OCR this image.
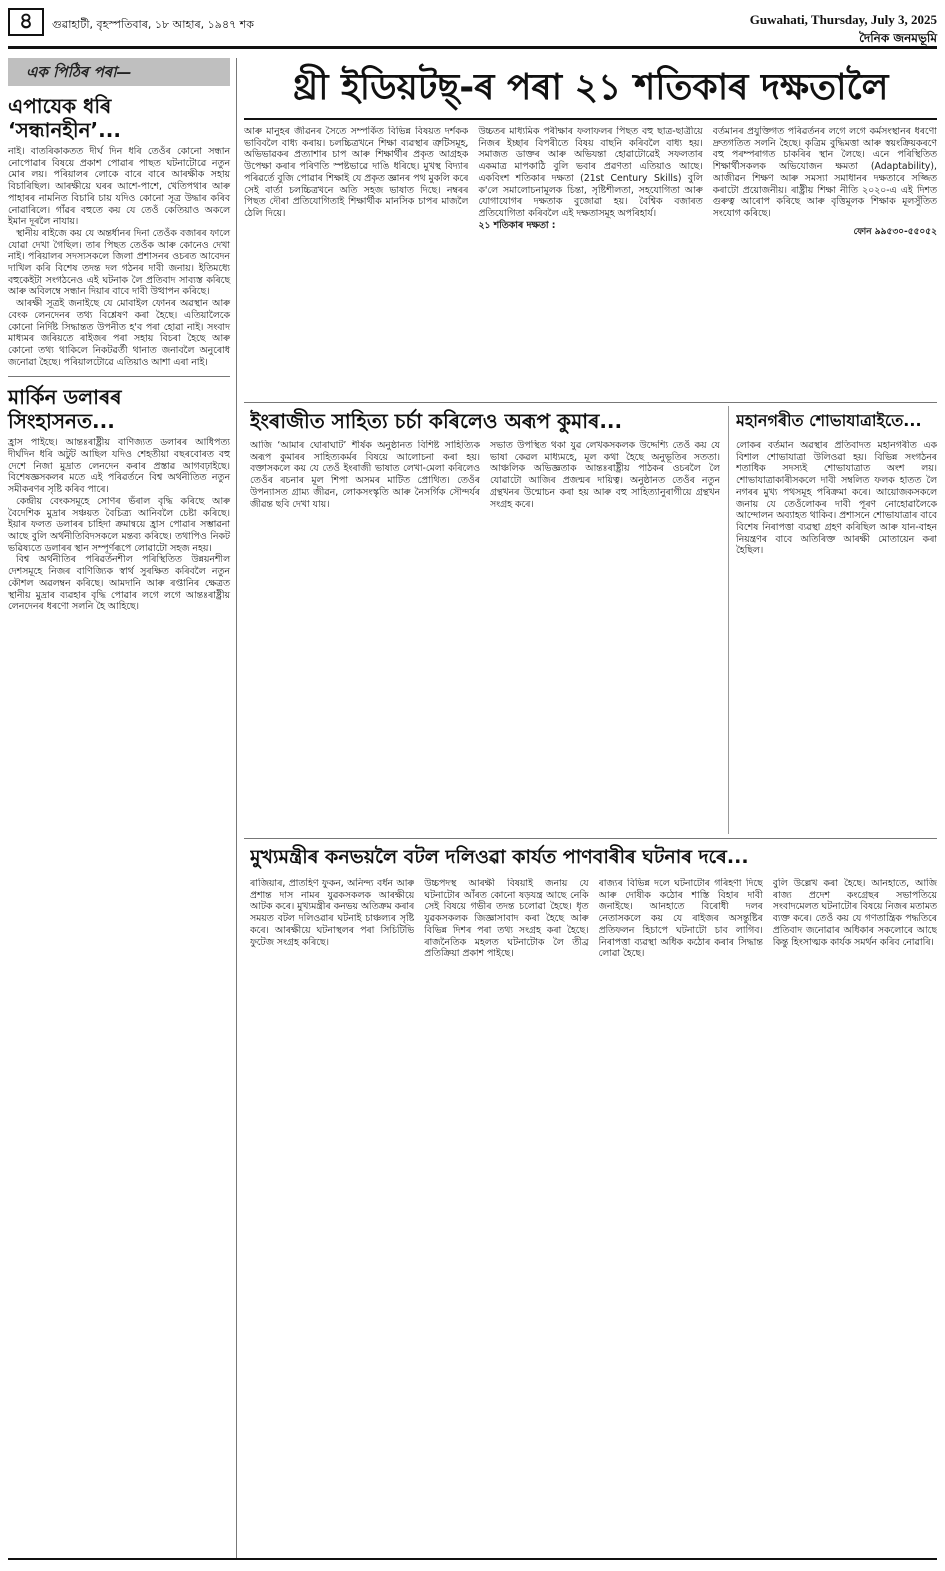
৪	গুৱাহাটী, বৃহস্পতিবাৰ, ১৮ আহাৰ, ১৯৪৭ শক	Guwahati, Thursday, July 3, 2025
দৈনিক জনমভূমি
এক পিঠিৰ পৰা—
এপাযেক ধৰি ‘সন্ধানহীন’...

নাই। বাতৰিকাকতত দীৰ্ঘ দিন ধৰি তেওঁৰ কোনো সন্ধান নোপোৱাৰ বিষয়ে প্ৰকাশ পোৱাৰ পাছত ঘটনাটোৱে নতুন মোৰ লয়। পৰিয়ালৰ লোকে বাৰে বাৰে আৰক্ষীক সহায় বিচাৰিছিল। আৰক্ষীয়ে ঘৰৰ আশে-পাশে, খেতিপথাৰ আৰু পাহাৰৰ নামনিত বিচাৰি চায় যদিও কোনো সূত্ৰ উদ্ধাৰ কৰিব নোৱাৰিলে। গাঁৱৰ বহুতে কয় যে তেওঁ কেতিয়াও অকলে ইমান দূৰলৈ নাযায়।

স্থানীয় ৰাইজে কয় যে অন্তৰ্ধানৰ দিনা তেওঁক বজাৰৰ ফালে যোৱা দেখা গৈছিল। তাৰ পিছত তেওঁক আৰু কোনেও দেখা নাই। পৰিয়ালৰ সদস্যসকলে জিলা প্ৰশাসনৰ ওচৰত আবেদন দাখিল কৰি বিশেষ তদন্ত দল গঠনৰ দাবী জনায়। ইতিমধ্যে বহুকেইটা সংগঠনেও এই ঘটনাক লৈ প্ৰতিবাদ সাব্যস্ত কৰিছে আৰু অবিলম্বে সন্ধান দিয়াৰ বাবে দাবী উত্থাপন কৰিছে।

আৰক্ষী সূত্ৰই জনাইছে যে মোবাইল ফোনৰ অৱস্থান আৰু বেংক লেনদেনৰ তথ্য বিশ্লেষণ কৰা হৈছে। এতিয়ালৈকে কোনো নিৰ্দিষ্ট সিদ্ধান্তত উপনীত হ'ব পৰা হোৱা নাই। সংবাদ মাধ্যমৰ জৰিয়তে ৰাইজৰ পৰা সহায় বিচৰা হৈছে আৰু কোনো তথ্য থাকিলে নিকটৱৰ্তী থানাত জনাবলৈ অনুৰোধ জনোৱা হৈছে। পৰিয়ালটোৱে এতিয়াও আশা এৰা নাই।

মাৰ্কিন ডলাৰৰ সিংহাসনত...

হ্ৰাস পাইছে। আন্তঃৰাষ্ট্ৰীয় বাণিজ্যত ডলাৰৰ আধিপত্য দীৰ্ঘদিন ধৰি অটুট আছিল যদিও শেহতীয়া বছৰবোৰত বহু দেশে নিজা মুদ্ৰাত লেনদেন কৰাৰ প্ৰস্তাৱ আগবঢ়াইছে। বিশেষজ্ঞসকলৰ মতে এই পৰিৱৰ্তনে বিশ্ব অৰ্থনীতিত নতুন সমীকৰণৰ সৃষ্টি কৰিব পাৰে।

কেন্দ্ৰীয় বেংকসমূহে সোণৰ ভঁৰাল বৃদ্ধি কৰিছে আৰু বৈদেশিক মুদ্ৰাৰ সঞ্চয়ত বৈচিত্ৰ্য আনিবলৈ চেষ্টা কৰিছে। ইয়াৰ ফলত ডলাৰৰ চাহিদা ক্ৰমান্বয়ে হ্ৰাস পোৱাৰ সম্ভাৱনা আছে বুলি অৰ্থনীতিবিদসকলে মন্তব্য কৰিছে। তথাপিও নিকট ভৱিষ্যতে ডলাৰৰ স্থান সম্পূৰ্ণৰূপে লোৱাটো সহজ নহয়।

বিশ্ব অৰ্থনীতিৰ পৰিৱৰ্তনশীল পৰিস্থিতিত উন্নয়নশীল দেশসমূহে নিজৰ বাণিজ্যিক স্বাৰ্থ সুৰক্ষিত কৰিবলৈ নতুন কৌশল অৱলম্বন কৰিছে। আমদানি আৰু ৰপ্তানিৰ ক্ষেত্ৰত স্থানীয় মুদ্ৰাৰ ব্যৱহাৰ বৃদ্ধি পোৱাৰ লগে লগে আন্তঃৰাষ্ট্ৰীয় লেনদেনৰ ধৰণো সলনি হৈ আহিছে।

থ্ৰী ইডিয়টছ্‌-ৰ পৰা ২১ শতিকাৰ দক্ষতালৈ
আৰু মানুহৰ জীৱনৰ সৈতে সম্পৰ্কিত বিভিন্ন বিষয়ত দৰ্শকক ভাবিবলৈ বাধ্য কৰায়। চলচ্চিত্ৰখনে শিক্ষা ব্যৱস্থাৰ ত্ৰুটিসমূহ, অভিভাৱকৰ প্ৰত্যাশাৰ চাপ আৰু শিক্ষাৰ্থীৰ প্ৰকৃত আগ্ৰহক উপেক্ষা কৰাৰ পৰিণতি স্পষ্টভাৱে দাঙি ধৰিছে। মুখস্থ বিদ্যাৰ পৰিৱৰ্তে বুজি পোৱাৰ শিক্ষাই যে প্ৰকৃত জ্ঞানৰ পথ মুকলি কৰে সেই বাৰ্তা চলচ্চিত্ৰখনে অতি সহজ ভাষাত দিছে। নম্বৰৰ পিছত দৌৰা প্ৰতিযোগিতাই শিক্ষাৰ্থীক মানসিক চাপৰ মাজলৈ ঠেলি দিয়ে।
উচ্চতৰ মাধ্যমিক পৰীক্ষাৰ ফলাফলৰ পিছত বহু ছাত্ৰ-ছাত্ৰীয়ে নিজৰ ইচ্ছাৰ বিপৰীতে বিষয় বাছনি কৰিবলৈ বাধ্য হয়। সমাজত ডাক্তৰ আৰু অভিযন্তা হোৱাটোৱেই সফলতাৰ একমাত্ৰ মাপকাঠি বুলি ভবাৰ প্ৰৱণতা এতিয়াও আছে। একবিংশ শতিকাৰ দক্ষতা (21st Century Skills) বুলি ক'লে সমালোচনামূলক চিন্তা, সৃষ্টিশীলতা, সহযোগিতা আৰু যোগাযোগৰ দক্ষতাক বুজোৱা হয়। বৈশ্বিক বজাৰত প্ৰতিযোগিতা কৰিবলৈ এই দক্ষতাসমূহ অপৰিহাৰ্য।
২১ শতিকাৰ দক্ষতা :
বৰ্তমানৰ প্ৰযুক্তিগত পৰিৱৰ্তনৰ লগে লগে কৰ্মসংস্থানৰ ধৰণো দ্ৰুতগতিত সলনি হৈছে। কৃত্ৰিম বুদ্ধিমত্তা আৰু স্বয়ংক্ৰিয়কৰণে বহু পৰম্পৰাগত চাকৰিৰ স্থান লৈছে। এনে পৰিস্থিতিত শিক্ষাৰ্থীসকলক অভিযোজন ক্ষমতা (Adaptability), আজীৱন শিক্ষণ আৰু সমস্যা সমাধানৰ দক্ষতাৰে সজ্জিত কৰাটো প্ৰয়োজনীয়। ৰাষ্ট্ৰীয় শিক্ষা নীতি ২০২০-এ এই দিশত গুৰুত্ব আৰোপ কৰিছে আৰু বৃত্তিমূলক শিক্ষাক মূলসুঁতিত সংযোগ কৰিছে।
ফোন ৯৯৫৩০-৫৫০৫২
ইংৰাজীত সাহিত্য চৰ্চা কৰিলেও অৰূপ কুমাৰ...
আজি ‘আমাৰ ঘোৰাঘাট’ শীৰ্ষক অনুষ্ঠানত বিশিষ্ট সাহিত্যিক অৰূপ কুমাৰৰ সাহিত্যকৰ্মৰ বিষয়ে আলোচনা কৰা হয়। বক্তাসকলে কয় যে তেওঁ ইংৰাজী ভাষাত লেখা-মেলা কৰিলেও তেওঁৰ ৰচনাৰ মূল শিপা অসমৰ মাটিত প্ৰোথিত। তেওঁৰ উপন্যাসত গ্ৰাম্য জীৱন, লোকসংস্কৃতি আৰু নৈসৰ্গিক সৌন্দৰ্যৰ জীৱন্ত ছবি দেখা যায়।
সভাত উপস্থিত থকা যুৱ লেখকসকলক উদ্দেশ্যি তেওঁ কয় যে ভাষা কেৱল মাধ্যমহে, মূল কথা হৈছে অনুভূতিৰ সততা। আঞ্চলিক অভিজ্ঞতাক আন্তঃৰাষ্ট্ৰীয় পাঠকৰ ওচৰলৈ লৈ যোৱাটো আজিৰ প্ৰজন্মৰ দায়িত্ব। অনুষ্ঠানত তেওঁৰ নতুন গ্ৰন্থখনৰ উন্মোচন কৰা হয় আৰু বহু সাহিত্যানুৰাগীয়ে গ্ৰন্থখন সংগ্ৰহ কৰে।
মহানগৰীত শোভাযাত্ৰাইতে...
লোকৰ বৰ্তমান অৱস্থাৰ প্ৰতিবাদত মহানগৰীত এক বিশাল শোভাযাত্ৰা উলিওৱা হয়। বিভিন্ন সংগঠনৰ শতাধিক সদস্যই শোভাযাত্ৰাত অংশ লয়। শোভাযাত্ৰাকাৰীসকলে দাবী সম্বলিত ফলক হাতত লৈ নগৰৰ মুখ্য পথসমূহ পৰিক্ৰমা কৰে। আয়োজকসকলে জনায় যে তেওঁলোকৰ দাবী পূৰণ নোহোৱালৈকে আন্দোলন অব্যাহত থাকিব। প্ৰশাসনে শোভাযাত্ৰাৰ বাবে বিশেষ নিৰাপত্তা ব্যৱস্থা গ্ৰহণ কৰিছিল আৰু যান-বাহন নিয়ন্ত্ৰণৰ বাবে অতিৰিক্ত আৰক্ষী মোতায়েন কৰা হৈছিল।
মুখ্যমন্ত্ৰীৰ কনভয়লৈ বটল দলিওৱা কাৰ্যত পাণবাৰীৰ ঘটনাৰ দৰে...
ৰাজিয়াৰ, প্ৰাতহিণ ফুকন, অনিন্দ্য বৰ্ধন আৰু প্ৰশান্ত দাস নামৰ যুৱকসকলক আৰক্ষীয়ে আটক কৰে। মুখ্যমন্ত্ৰীৰ কনভয় অতিক্ৰম কৰাৰ সময়ত বটল দলিওৱাৰ ঘটনাই চাঞ্চল্যৰ সৃষ্টি কৰে। আৰক্ষীয়ে ঘটনাস্থলৰ পৰা সিচিটিভি ফুটেজ সংগ্ৰহ কৰিছে।
উচ্চপদস্থ আৰক্ষী বিষয়াই জনায় যে ঘটনাটোৰ আঁৰত কোনো ষড়যন্ত্ৰ আছে নেকি সেই বিষয়ে গভীৰ তদন্ত চলোৱা হৈছে। ধৃত যুৱকসকলক জিজ্ঞাসাবাদ কৰা হৈছে আৰু বিভিন্ন দিশৰ পৰা তথ্য সংগ্ৰহ কৰা হৈছে। ৰাজনৈতিক মহলত ঘটনাটোক লৈ তীব্ৰ প্ৰতিক্ৰিয়া প্ৰকাশ পাইছে।
ৰাজ্যৰ বিভিন্ন দলে ঘটনাটোৰ গৰিহণা দিছে আৰু দোষীক কঠোৰ শাস্তি বিহাৰ দাবী জনাইছে। আনহাতে বিৰোধী দলৰ নেতাসকলে কয় যে ৰাইজৰ অসন্তুষ্টিৰ প্ৰতিফলন হিচাপে ঘটনাটো চাব লাগিব। নিৰাপত্তা ব্যৱস্থা অধিক কঠোৰ কৰাৰ সিদ্ধান্ত লোৱা হৈছে।
বুলি উল্লেখ কৰা হৈছে। আনহাতে, আজি ৰাজ্য প্ৰদেশ কংগ্ৰেছৰ সভাপতিয়ে সংবাদমেলত ঘটনাটোৰ বিষয়ে নিজৰ মতামত ব্যক্ত কৰে। তেওঁ কয় যে গণতান্ত্ৰিক পদ্ধতিৰে প্ৰতিবাদ জনোৱাৰ অধিকাৰ সকলোৰে আছে কিন্তু হিংসাত্মক কাৰ্যক সমৰ্থন কৰিব নোৱাৰি।
